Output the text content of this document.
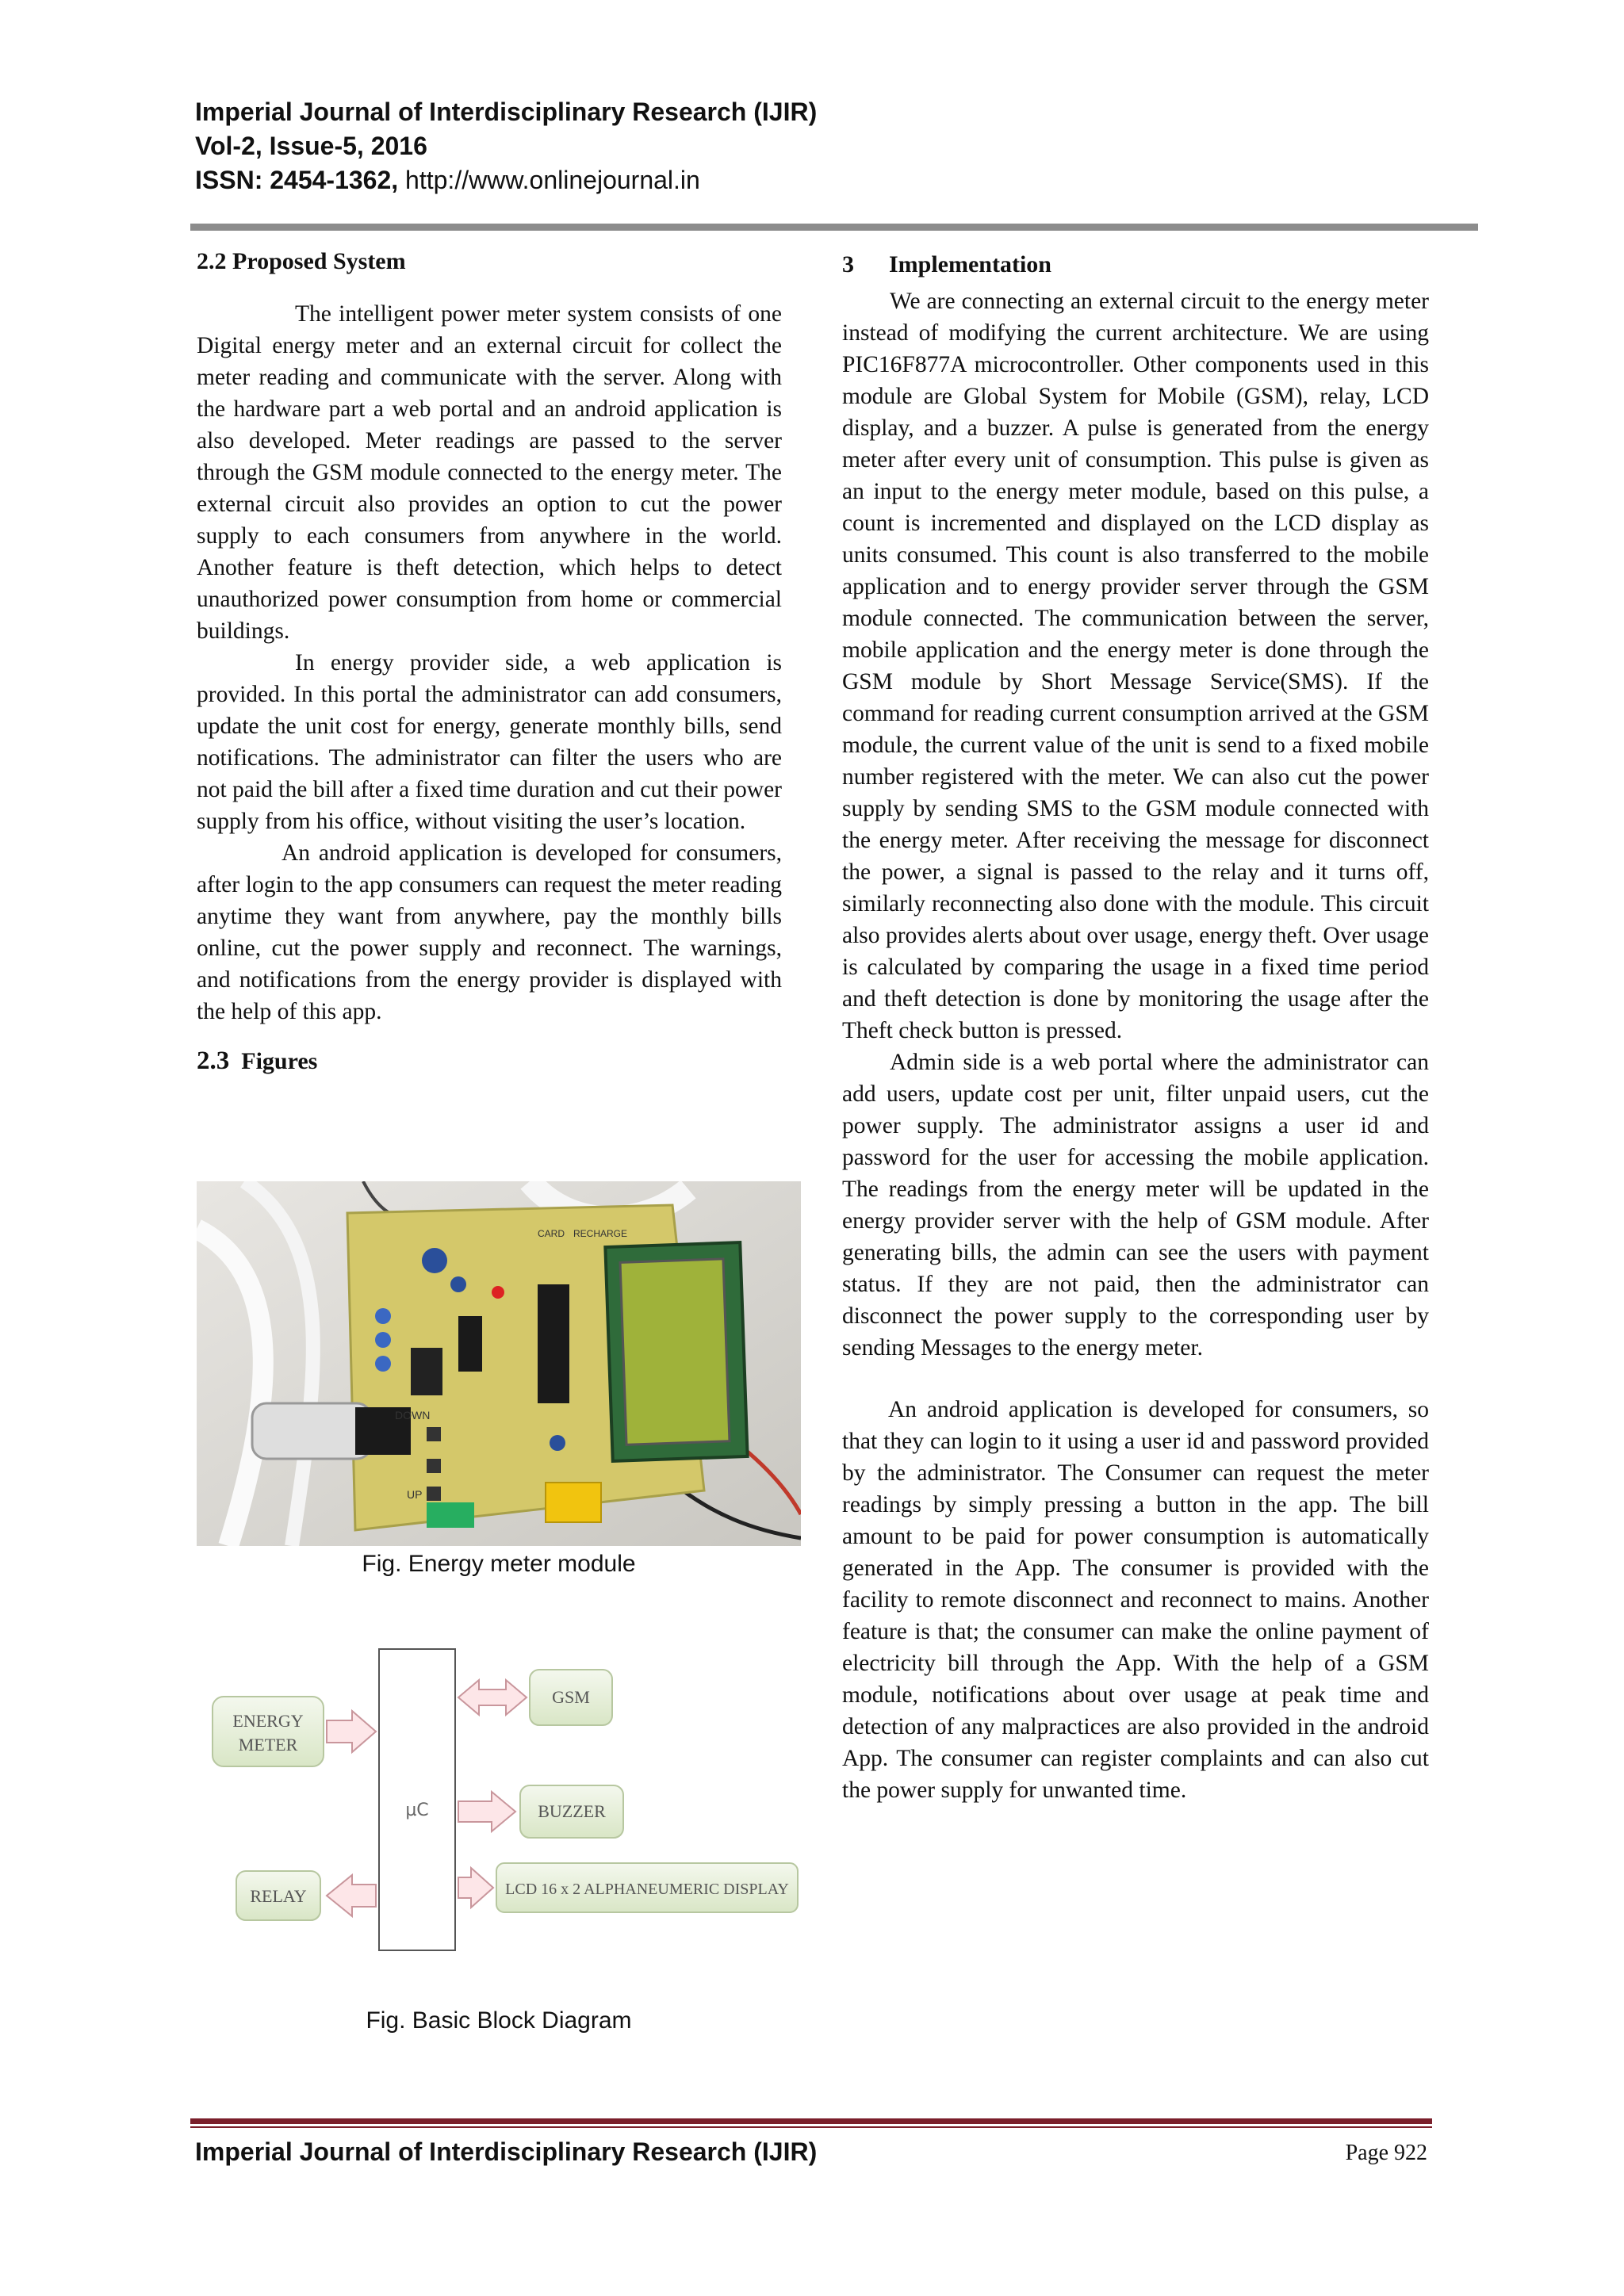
Imperial Journal of Interdisciplinary Research (IJIR)
Vol-2, Issue-5, 2016
ISSN: 2454-1362, http://www.onlinejournal.in

2.2 Proposed System

The intelligent power meter system consists of one Digital energy meter and an external circuit for collect the meter reading and communicate with the server. Along with the hardware part a web portal and an android application is also developed. Meter readings are passed to the server through the GSM module connected to the energy meter. The external circuit also provides an option to cut the power supply to each consumers from anywhere in the world. Another feature is theft detection, which helps to detect unauthorized power consumption from home or commercial buildings.

In energy provider side, a web application is provided. In this portal the administrator can add consumers, update the unit cost for energy, generate monthly bills, send notifications. The administrator can filter the users who are not paid the bill after a fixed time duration and cut their power supply from his office, without visiting the user’s location.

An android application is developed for consumers, after login to the app consumers can request the meter reading anytime they want from anywhere, pay the monthly bills online, cut the power supply and reconnect. The warnings, and notifications from the energy provider is displayed with the help of this app.

2.3 Figures

DOWN
UP
CARD RECHARGE
Fig. Energy meter module
µC
ENERGY
METER
RELAY
GSM
BUZZER
LCD 16 x 2 ALPHANEUMERIC DISPLAY
Fig. Basic Block Diagram

3 Implementation

We are connecting an external circuit to the energy meter instead of modifying the current architecture. We are using PIC16F877A microcontroller. Other components used in this module are Global System for Mobile (GSM), relay, LCD display, and a buzzer. A pulse is generated from the energy meter after every unit of consumption. This pulse is given as an input to the energy meter module, based on this pulse, a count is incremented and displayed on the LCD display as units consumed. This count is also transferred to the mobile application and to energy provider server through the GSM module connected. The communication between the server, mobile application and the energy meter is done through the GSM module by Short Message Service(SMS). If the command for reading current consumption arrived at the GSM module, the current value of the unit is send to a fixed mobile number registered with the meter. We can also cut the power supply by sending SMS to the GSM module connected with the energy meter. After receiving the message for disconnect the power, a signal is passed to the relay and it turns off, similarly reconnecting also done with the module. This circuit also provides alerts about over usage, energy theft. Over usage is calculated by comparing the usage in a fixed time period and theft detection is done by monitoring the usage after the Theft check button is pressed.

Admin side is a web portal where the administrator can add users, update cost per unit, filter unpaid users, cut the power supply. The administrator assigns a user id and password for the user for accessing the mobile application. The readings from the energy meter will be updated in the energy provider server with the help of GSM module. After generating bills, the admin can see the users with payment status. If they are not paid, then the administrator can disconnect the power supply to the corresponding user by sending Messages to the energy meter.

An android application is developed for consumers, so that they can login to it using a user id and password provided by the administrator. The Consumer can request the meter readings by simply pressing a button in the app. The bill amount to be paid for power consumption is automatically generated in the App. The consumer is provided with the facility to remote disconnect and reconnect to mains. Another feature is that; the consumer can make the online payment of electricity bill through the App. With the help of a GSM module, notifications about over usage at peak time and detection of any malpractices are also provided in the android App. The consumer can register complaints and can also cut the power supply for unwanted time.

Imperial Journal of Interdisciplinary Research (IJIR)	Page 922
